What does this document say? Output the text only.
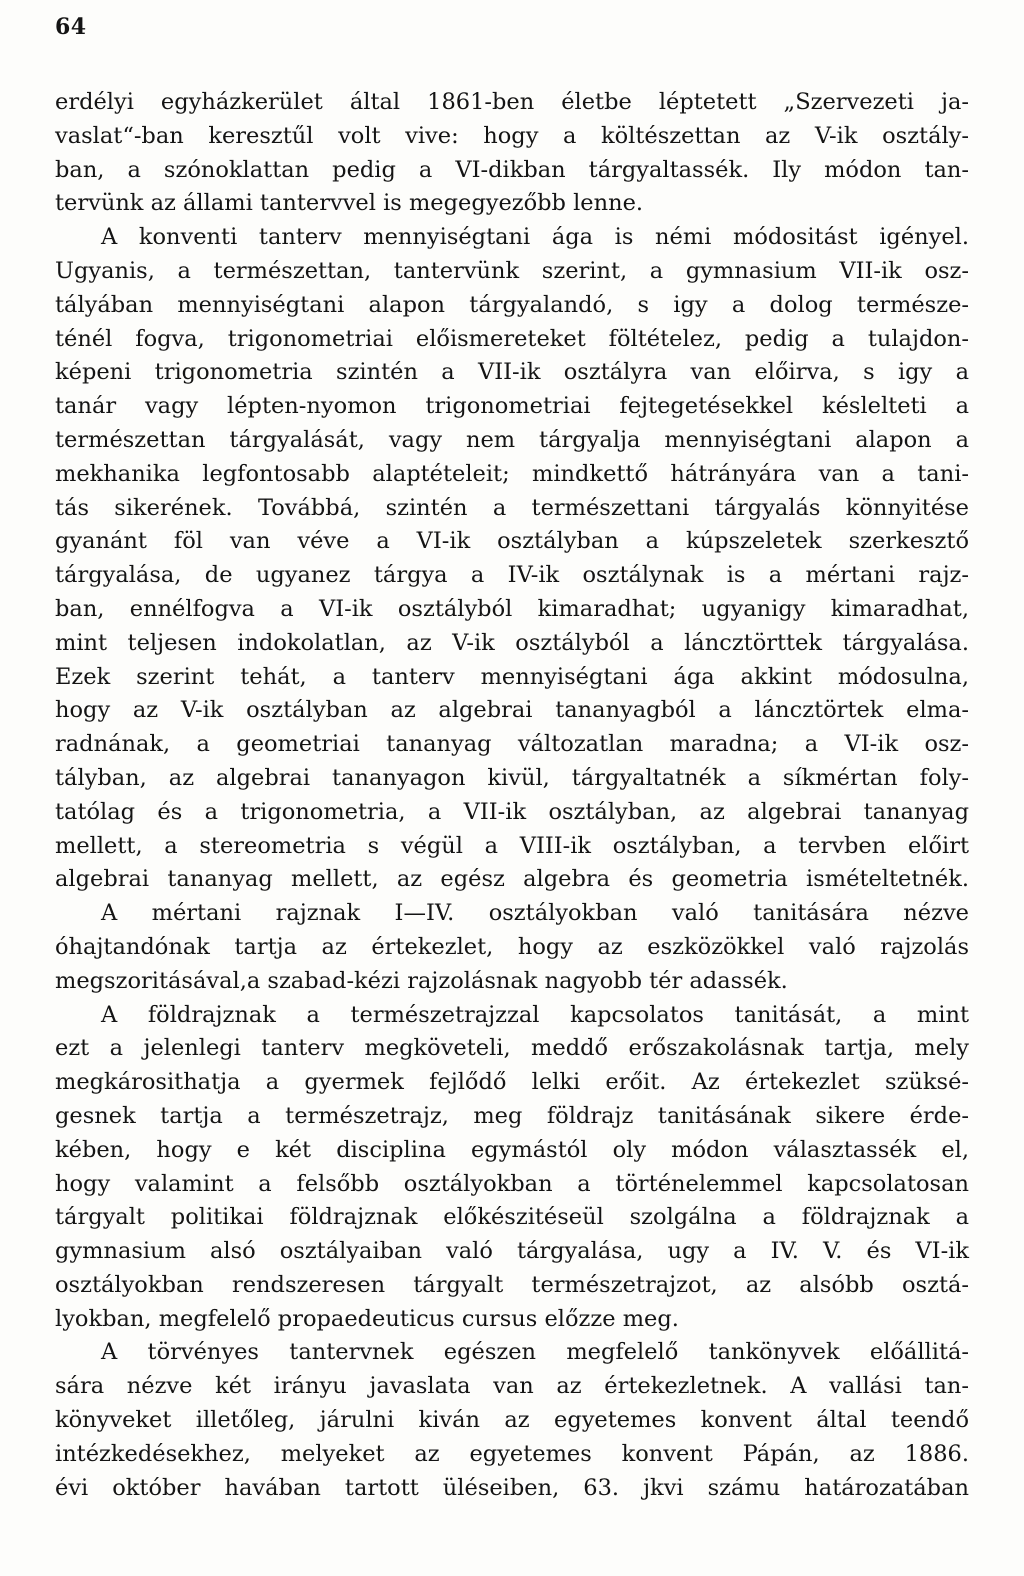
64
erdélyi egyházkerület által 1861-ben életbe léptetett „Szervezeti ja-
vaslat“-ban keresztűl volt vive: hogy a költészettan az V-ik osztály-
ban, a szónoklattan pedig a VI-dikban tárgyaltassék. Ily módon tan-
tervünk az állami tantervvel is megegyezőbb lenne.
A konventi tanterv mennyiségtani ága is némi módositást igényel.
Ugyanis, a természettan, tantervünk szerint, a gymnasium VII-ik osz-
tályában mennyiségtani alapon tárgyalandó, s igy a dolog természe-
ténél fogva, trigonometriai előismereteket föltételez, pedig a tulajdon-
képeni trigonometria szintén a VII-ik osztályra van előirva, s igy a
tanár vagy lépten-nyomon trigonometriai fejtegetésekkel késlelteti a
természettan tárgyalását, vagy nem tárgyalja mennyiségtani alapon a
mekhanika legfontosabb alaptételeit; mindkettő hátrányára van a tani-
tás sikerének. Továbbá, szintén a természettani tárgyalás könnyitése
gyanánt föl van véve a VI-ik osztályban a kúpszeletek szerkesztő
tárgyalása, de ugyanez tárgya a IV-ik osztálynak is a mértani rajz-
ban, ennélfogva a VI-ik osztályból kimaradhat; ugyanigy kimaradhat,
mint teljesen indokolatlan, az V-ik osztályból a láncztörttek tárgyalása.
Ezek szerint tehát, a tanterv mennyiségtani ága akkint módosulna,
hogy az V-ik osztályban az algebrai tananyagból a láncztörtek elma-
radnának, a geometriai tananyag változatlan maradna; a VI-ik osz-
tályban, az algebrai tananyagon kivül, tárgyaltatnék a síkmértan foly-
tatólag és a trigonometria, a VII-ik osztályban, az algebrai tananyag
mellett, a stereometria s végül a VIII-ik osztályban, a tervben előirt
algebrai tananyag mellett, az egész algebra és geometria ismételtetnék.
A mértani rajznak I—IV. osztályokban való tanitására nézve
óhajtandónak tartja az értekezlet, hogy az eszközökkel való rajzolás
megszoritásával,a szabad-kézi rajzolásnak nagyobb tér adassék.
A földrajznak a természetrajzzal kapcsolatos tanitását, a mint
ezt a jelenlegi tanterv megköveteli, meddő erőszakolásnak tartja, mely
megkárosithatja a gyermek fejlődő lelki erőit. Az értekezlet szüksé-
gesnek tartja a természetrajz, meg földrajz tanitásának sikere érde-
kében, hogy e két disciplina egymástól oly módon választassék el,
hogy valamint a felsőbb osztályokban a történelemmel kapcsolatosan
tárgyalt politikai földrajznak előkészitéseül szolgálna a földrajznak a
gymnasium alsó osztályaiban való tárgyalása, ugy a IV. V. és VI-ik
osztályokban rendszeresen tárgyalt természetrajzot, az alsóbb osztá-
lyokban, megfelelő propaedeuticus cursus előzze meg.
A törvényes tantervnek egészen megfelelő tankönyvek előállitá-
sára nézve két irányu javaslata van az értekezletnek. A vallási tan-
könyveket illetőleg, járulni kiván az egyetemes konvent által teendő
intézkedésekhez, melyeket az egyetemes konvent Pápán, az 1886.
évi október havában tartott üléseiben, 63. jkvi számu határozatában
